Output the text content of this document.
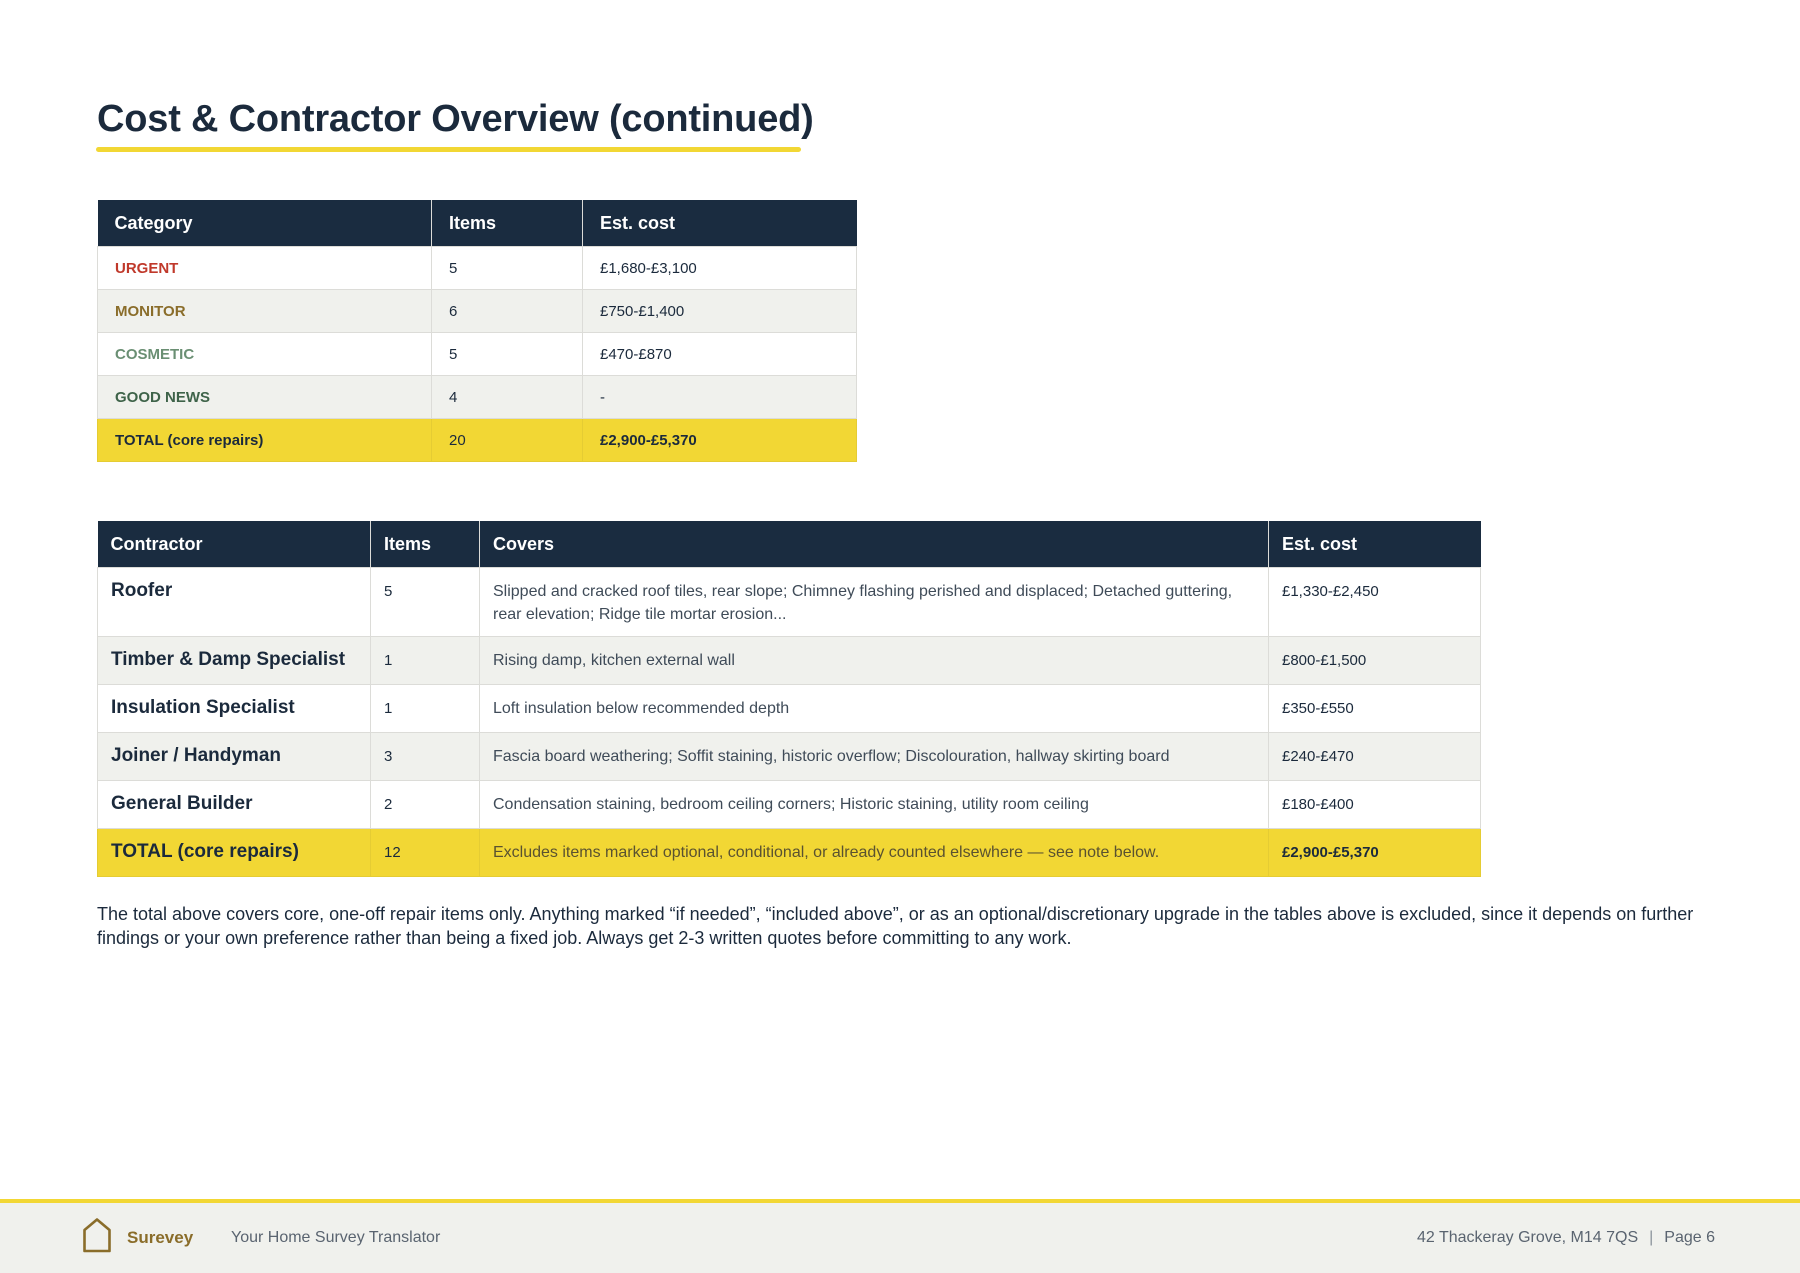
Cost & Contractor Overview (continued)
Category	Items	Est. cost
URGENT	5	£1,680-£3,100
MONITOR	6	£750-£1,400
COSMETIC	5	£470-£870
GOOD NEWS	4	-
TOTAL (core repairs)	20	£2,900-£5,370
Contractor	Items	Covers	Est. cost
Roofer	5	Slipped and cracked roof tiles, rear slope; Chimney flashing perished and displaced; Detached guttering, rear elevation; Ridge tile mortar erosion...	£1,330-£2,450
Timber & Damp Specialist	1	Rising damp, kitchen external wall	£800-£1,500
Insulation Specialist	1	Loft insulation below recommended depth	£350-£550
Joiner / Handyman	3	Fascia board weathering; Soffit staining, historic overflow; Discolouration, hallway skirting board	£240-£470
General Builder	2	Condensation staining, bedroom ceiling corners; Historic staining, utility room ceiling	£180-£400
TOTAL (core repairs)	12	Excludes items marked optional, conditional, or already counted elsewhere — see note below.	£2,900-£5,370

The total above covers core, one-off repair items only. Anything marked “if needed”, “included above”, or as an optional/discretionary upgrade in the tables above is excluded, since it depends on further findings or your own preference rather than being a fixed job. Always get 2-3 written quotes before committing to any work.

Surevey Your Home Survey Translator	42 Thackeray Grove, M14 7QS | Page 6
